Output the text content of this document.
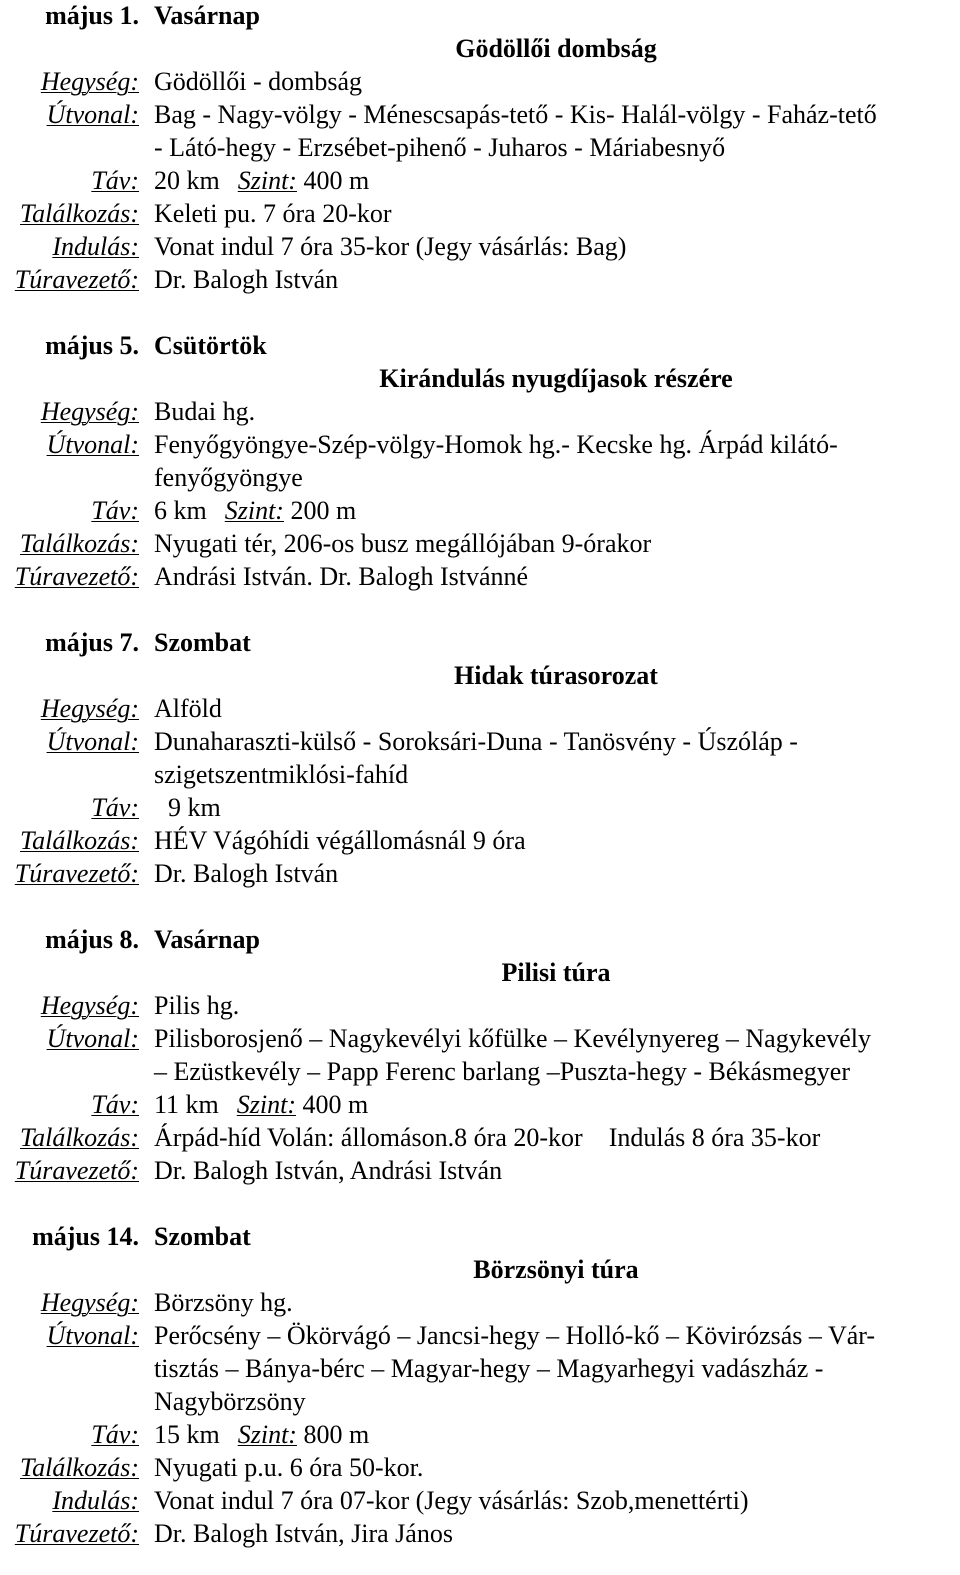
május 1. Vasárnap
Gödöllői dombság
Hegység: Gödöllői - dombság
Útvonal: Bag - Nagy-völgy - Ménescsapás-tető - Kis- Halál-völgy - Faház-tető
- Látó-hegy - Erzsébet-pihenő - Juharos - Máriabesnyő
Táv: 20 km Szint: 400 m
Találkozás: Keleti pu. 7 óra 20-kor
Indulás: Vonat indul 7 óra 35-kor (Jegy vásárlás: Bag)
Túravezető: Dr. Balogh István
május 5. Csütörtök
Kirándulás nyugdíjasok részére
Hegység: Budai hg.
Útvonal: Fenyőgyöngye-Szép-völgy-Homok hg.- Kecske hg. Árpád kilátó-
fenyőgyöngye
Táv: 6 km Szint: 200 m
Találkozás: Nyugati tér, 206-os busz megállójában 9-órakor
Túravezető: Andrási István. Dr. Balogh Istvánné
május 7. Szombat
Hidak túrasorozat
Hegység: Alföld
Útvonal: Dunaharaszti-külső - Soroksári-Duna - Tanösvény - Úszóláp -
szigetszentmiklósi-fahíd
Táv:	9 km
Találkozás: HÉV Vágóhídi végállomásnál 9 óra
Túravezető: Dr. Balogh István
május 8. Vasárnap
Pilisi túra
Hegység: Pilis hg.
Útvonal: Pilisborosjenő – Nagykevélyi kőfülke – Kevélynyereg – Nagykevély
– Ezüstkevély – Papp Ferenc barlang –Puszta-hegy - Békásmegyer
Táv: 11 km Szint: 400 m
Találkozás: Árpád-híd Volán: állomáson.8 óra 20-kor Indulás 8 óra 35-kor
Túravezető: Dr. Balogh István, Andrási István
május 14. Szombat
Börzsönyi túra
Hegység: Börzsöny hg.
Útvonal: Perőcsény – Ökörvágó – Jancsi-hegy – Holló-kő – Kövirózsás – Vár-
tisztás – Bánya-bérc – Magyar-hegy – Magyarhegyi vadászház -
Nagybörzsöny
Táv: 15 km Szint: 800 m
Találkozás: Nyugati p.u. 6 óra 50-kor.
Indulás: Vonat indul 7 óra 07-kor (Jegy vásárlás: Szob,menettérti)
Túravezető: Dr. Balogh István, Jira János
